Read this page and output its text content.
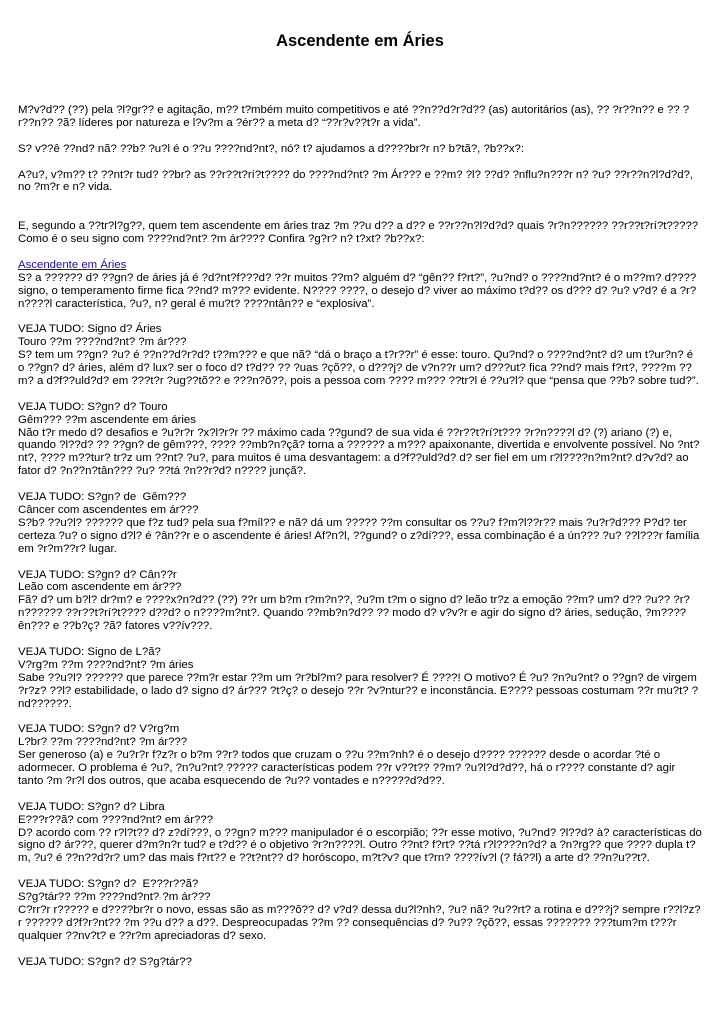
Ascendente em Áries

M?v?d?? (??) pela ?l?gr?? e agitação, m?? t?mbém muito competitivos e até ??n??d?r?d?? (as) autoritários (as), ?? ?r??n?? e ?? ?r??n?? ?ã? líderes por natureza e l?v?m a ?ér?? a meta d? “??r?v??t?r a vida”.

S? v??ê ??nd? nã? ??b? ?u?l é o ??u ????nd?nt?, nó? t? ajudamos a d????br?r n? b?tã?, ?b??x?:

A?u?, v?m?? t? ??nt?r tud? ??br? as ??r??t?rí?t???? do ????nd?nt? ?m Ár??? e ??m? ?l? ??d? ?nflu?n???r n? ?u? ??r??n?l?d?d?, no ?m?r e n? vida.

E, segundo a ??tr?l?g??, quem tem ascendente em áries traz ?m ??u d?? a d?? e ??r??n?l?d?d? quais ?r?n?????? ??r??t?rí?t????? Como é o seu signo com ????nd?nt? ?m ár???? Confira ?g?r? n? t?xt? ?b??x?:

Ascendente em Áries

S? a ?????? d? ??gn? de áries já é ?d?nt?f???d? ??r muitos ??m? alguém d? “gên?? f?rt?”, ?u?nd? o ????nd?nt? é o m??m? d???? signo, o temperamento firme fica ??nd? m??? evidente. N???? ????, o desejo d? viver ao máximo t?d?? os d??? d? ?u? v?d? é a ?r?n????l característica, ?u?, n? geral é mu?t? ????ntân?? e “explosiva”.

VEJA TUDO: Signo d? Áries

Touro ??m ????nd?nt? ?m ár???

S? tem um ??gn? ?u? é ??n??d?r?d? t??m??? e que nã? “dá o braço a t?r??r” é esse: touro. Qu?nd? o ????nd?nt? d? um t?ur?n? é o ??gn? d? áries, além d? lux? ser o foco d? t?d?? ?? ?uas ?çõ??, o d???j? de v?n??r um? d???ut? fica ??nd? mais f?rt?, ????m ??m? a d?f??uld?d? em ???t?r ?ug??tõ?? e ???n?õ??, pois a pessoa com ???? m??? ??tr?l é ??u?l? que “pensa que ??b? sobre tud?”.

VEJA TUDO: S?gn? d? Touro

Gêm??? ??m ascendente em áries

Não t?r medo d? desafios e ?u?r?r ?x?l?r?r ?? máximo cada ??gund? de sua vida é ??r??t?rí?t??? ?r?n????l d? (?) ariano (?) e, quando ?l??d? ?? ??gn? de gêm???, ???? ??mb?n?çã? torna a ?????? a m??? apaixonante, divertida e envolvente possível. No ?nt?nt?, ???? m??tur? tr?z um ??nt? ?u?, para muitos é uma desvantagem: a d?f??uld?d? d? ser fiel em um r?l????n?m?nt? d?v?d? ao fator d? ?n??n?tân??? ?u? ??tá ?n??r?d? n???? junçã?.

VEJA TUDO: S?gn? de  Gêm???

Câncer com ascendentes em ár???

S?b? ??u?l? ?????? que f?z tud? pela sua f?míl?? e nã? dá um ????? ??m consultar os ??u? f?m?l??r?? mais ?u?r?d??? P?d? ter certeza ?u? o signo d?l? é ?ân??r e o ascendente é áries! Af?n?l, ??gund? o z?dí???, essa combinação é a ún??? ?u? ??l???r família em ?r?m??r? lugar.

VEJA TUDO: S?gn? d? Cân??r

Leão com ascendente em ár???

Fã? d? um b?l? dr?m? e ????x?n?d?? (??) ??r um b?m r?m?n??, ?u?m t?m o signo d? leão tr?z a emoção ??m? um? d?? ?u?? ?r?n?????? ??r??t?rí?t???? d??d? o n????m?nt?. Quando ??mb?n?d?? ?? modo d? v?v?r e agir do signo d? áries, sedução, ?m????ên??? e ??b?ç? ?ã? fatores v??ív???.

VEJA TUDO: Signo de L?ã?

V?rg?m ??m ????nd?nt? ?m áries

Sabe ??u?l? ?????? que parece ??m?r estar ??m um ?r?bl?m? para resolver? É ????! O motivo? É ?u? ?n?u?nt? o ??gn? de virgem ?r?z? ??l? estabilidade, o lado d? signo d? ár??? ?t?ç? o desejo ??r ?v?ntur?? e inconstância. E???? pessoas costumam ??r mu?t? ?nd??????.

VEJA TUDO: S?gn? d? V?rg?m

L?br? ??m ????nd?nt? ?m ár???

Ser generoso (a) e ?u?r?r f?z?r o b?m ??r? todos que cruzam o ??u ??m?nh? é o desejo d???? ?????? desde o acordar ?té o adormecer. O problema é ?u?, ?n?u?nt? ????? características podem ??r v??t?? ??m? ?u?l?d?d??, há o r???? constante d? agir tanto ?m ?r?l dos outros, que acaba esquecendo de ?u?? vontades e n?????d?d??.

VEJA TUDO: S?gn? d? Libra

E???r??ã? com ????nd?nt? em ár???

D? acordo com ?? r?l?t?? d? z?dí???, o ??gn? m??? manipulador é o escorpião; ??r esse motivo, ?u?nd? ?l??d? à? características do signo d? ár???, querer d?m?n?r tud? e t?d?? é o objetivo ?r?n????l. Outro ??nt? f?rt? ??tá r?l????n?d? a ?n?rg?? que ???? dupla t?m, ?u? é ??n??d?r? um? das mais f?rt?? e ??t?nt?? d? horóscopo, m?t?v? que t?rn? ????ív?l (? fá??l) a arte d? ??n?u??t?.

VEJA TUDO: S?gn? d?  E???r??ã?

S?g?tár?? ??m ????nd?nt? ?m ár???

C?rr?r r????? e d????br?r o novo, essas são as m???õ?? d? v?d? dessa du?l?nh?, ?u? nã? ?u??rt? a rotina e d???j? sempre r??l?z?r ?????? d?f?r?nt?? ?m ??u d?? a d??. Despreocupadas ??m ?? consequências d? ?u?? ?çõ??, essas ??????? ???tum?m t???r qualquer ??nv?t? e ??r?m apreciadoras d? sexo.

VEJA TUDO: S?gn? d? S?g?tár??
